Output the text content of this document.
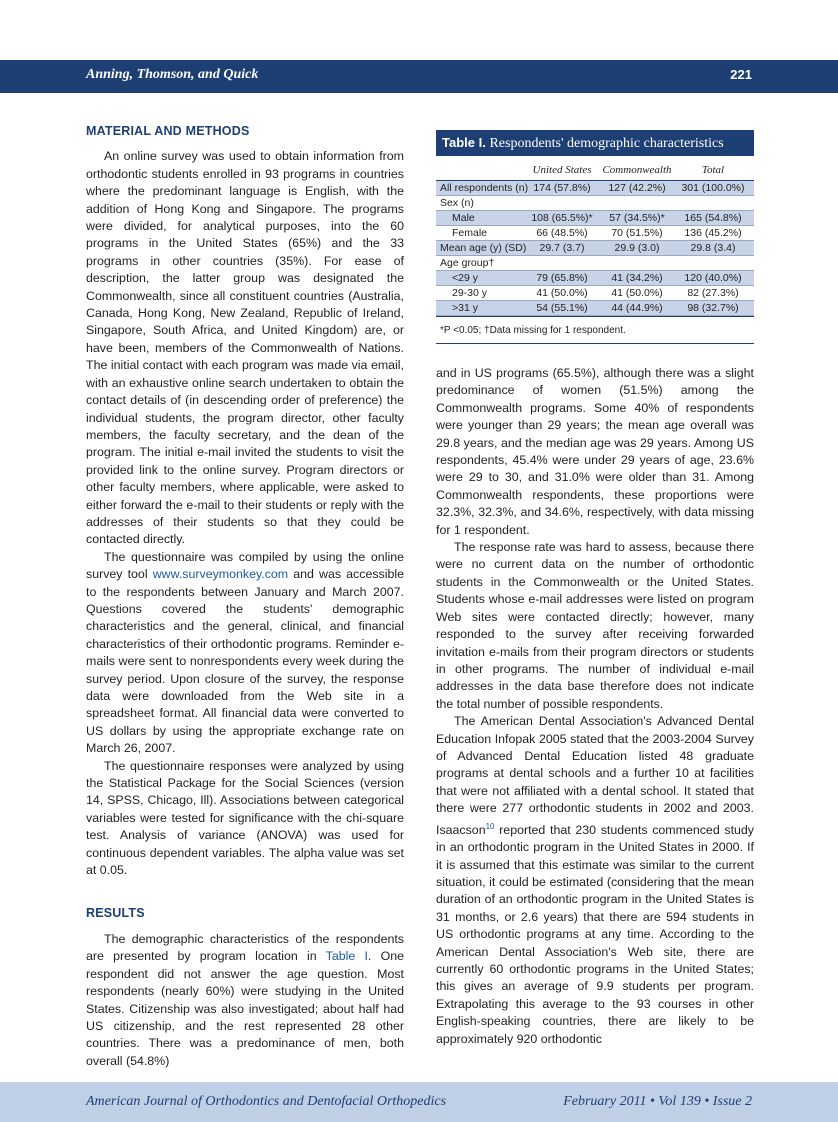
Anning, Thomson, and Quick	221
MATERIAL AND METHODS

An online survey was used to obtain information from orthodontic students enrolled in 93 programs in countries where the predominant language is English, with the addition of Hong Kong and Singapore. The programs were divided, for analytical purposes, into the 60 programs in the United States (65%) and the 33 programs in other countries (35%). For ease of description, the latter group was designated the Commonwealth, since all constituent countries (Australia, Canada, Hong Kong, New Zealand, Republic of Ireland, Singapore, South Africa, and United Kingdom) are, or have been, members of the Commonwealth of Nations. The initial contact with each program was made via email, with an exhaustive online search undertaken to obtain the contact details of (in descending order of preference) the individual students, the program director, other faculty members, the faculty secretary, and the dean of the program. The initial e-mail invited the students to visit the provided link to the online survey. Program directors or other faculty members, where applicable, were asked to either forward the e-mail to their students or reply with the addresses of their students so that they could be contacted directly.

The questionnaire was compiled by using the online survey tool www.surveymonkey.com and was accessible to the respondents between January and March 2007. Questions covered the students' demographic characteristics and the general, clinical, and financial characteristics of their orthodontic programs. Reminder e-mails were sent to nonrespondents every week during the survey period. Upon closure of the survey, the response data were downloaded from the Web site in a spreadsheet format. All financial data were converted to US dollars by using the appropriate exchange rate on March 26, 2007.

The questionnaire responses were analyzed by using the Statistical Package for the Social Sciences (version 14, SPSS, Chicago, Ill). Associations between categorical variables were tested for significance with the chi-square test. Analysis of variance (ANOVA) was used for continuous dependent variables. The alpha value was set at 0.05.

RESULTS

The demographic characteristics of the respondents are presented by program location in Table I. One respondent did not answer the age question. Most respondents (nearly 60%) were studying in the United States. Citizenship was also investigated; about half had US citizenship, and the rest represented 28 other countries. There was a predominance of men, both overall (54.8%)

Table I. Respondents' demographic characteristics
United States Commonwealth	Total
All respondents (n) 174 (57.8%)	127 (42.2%)	301 (100.0%)
Sex (n)
Male	108 (65.5%)*	57 (34.5%)*	165 (54.8%)
Female	66 (48.5%)	70 (51.5%)	136 (45.2%)
Mean age (y) (SD)	29.7 (3.7)	29.9 (3.0)	29.8 (3.4)
Age group†
<29 y	79 (65.8%)	41 (34.2%)	120 (40.0%)
29-30 y	41 (50.0%)	41 (50.0%)	82 (27.3%)
>31 y	54 (55.1%)	44 (44.9%)	98 (32.7%)
*P <0.05; †Data missing for 1 respondent.

and in US programs (65.5%), although there was a slight predominance of women (51.5%) among the Commonwealth programs. Some 40% of respondents were younger than 29 years; the mean age overall was 29.8 years, and the median age was 29 years. Among US respondents, 45.4% were under 29 years of age, 23.6% were 29 to 30, and 31.0% were older than 31. Among Commonwealth respondents, these proportions were 32.3%, 32.3%, and 34.6%, respectively, with data missing for 1 respondent.

The response rate was hard to assess, because there were no current data on the number of orthodontic students in the Commonwealth or the United States. Students whose e-mail addresses were listed on program Web sites were contacted directly; however, many responded to the survey after receiving forwarded invitation e-mails from their program directors or students in other programs. The number of individual e-mail addresses in the data base therefore does not indicate the total number of possible respondents.

The American Dental Association's Advanced Dental Education Infopak 2005 stated that the 2003-2004 Survey of Advanced Dental Education listed 48 graduate programs at dental schools and a further 10 at facilities that were not affiliated with a dental school. It stated that there were 277 orthodontic students in 2002 and 2003. Isaacson$^{10}$ reported that 230 students commenced study in an orthodontic program in the United States in 2000. If it is assumed that this estimate was similar to the current situation, it could be estimated (considering that the mean duration of an orthodontic program in the United States is 31 months, or 2.6 years) that there are 594 students in US orthodontic programs at any time. According to the American Dental Association's Web site, there are currently 60 orthodontic programs in the United States; this gives an average of 9.9 students per program. Extrapolating this average to the 93 courses in other English-speaking countries, there are likely to be approximately 920 orthodontic

American Journal of Orthodontics and Dentofacial Orthopedics	February 2011 • Vol 139 • Issue 2
